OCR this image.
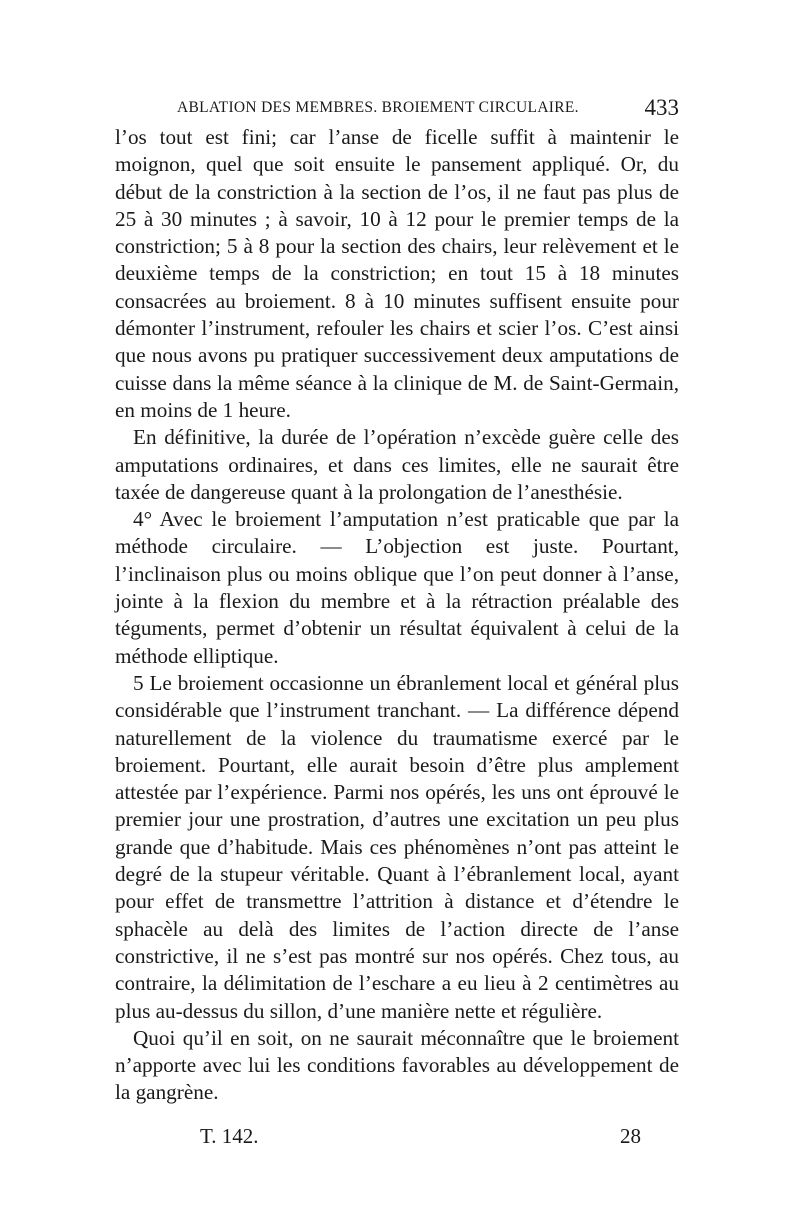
ABLATION DES MEMBRES. BROIEMENT CIRCULAIRE.	433

l’os tout est fini; car l’anse de ficelle suffit à maintenir le moignon, quel que soit ensuite le pansement appliqué. Or, du début de la constriction à la section de l’os, il ne faut pas plus de 25 à 30 minutes ; à savoir, 10 à 12 pour le premier temps de la constriction; 5 à 8 pour la section des chairs, leur relèvement et le deuxième temps de la constriction; en tout 15 à 18 minutes consacrées au broiement. 8 à 10 minutes suffisent ensuite pour démonter l’instrument, refouler les chairs et scier l’os. C’est ainsi que nous avons pu pratiquer successivement deux amputations de cuisse dans la même séance à la clinique de M. de Saint-Germain, en moins de 1 heure.

En définitive, la durée de l’opération n’excède guère celle des amputations ordinaires, et dans ces limites, elle ne saurait être taxée de dangereuse quant à la prolongation de l’anesthésie.

4° Avec le broiement l’amputation n’est praticable que par la méthode circulaire. — L’objection est juste. Pourtant, l’inclinaison plus ou moins oblique que l’on peut donner à l’anse, jointe à la flexion du membre et à la rétraction préalable des téguments, permet d’obtenir un résultat équivalent à celui de la méthode elliptique.

5 Le broiement occasionne un ébranlement local et général plus considérable que l’instrument tranchant. — La différence dépend naturellement de la violence du traumatisme exercé par le broiement. Pourtant, elle aurait besoin d’être plus amplement attestée par l’expérience. Parmi nos opérés, les uns ont éprouvé le premier jour une prostration, d’autres une excitation un peu plus grande que d’habitude. Mais ces phénomènes n’ont pas atteint le degré de la stupeur véritable. Quant à l’ébranlement local, ayant pour effet de transmettre l’attrition à distance et d’étendre le sphacèle au delà des limites de l’action directe de l’anse constrictive, il ne s’est pas montré sur nos opérés. Chez tous, au contraire, la délimitation de l’eschare a eu lieu à 2 centimètres au plus au-dessus du sillon, d’une manière nette et régulière.

Quoi qu’il en soit, on ne saurait méconnaître que le broiement n’apporte avec lui les conditions favorables au développement de la gangrène.

T. 142.	28
